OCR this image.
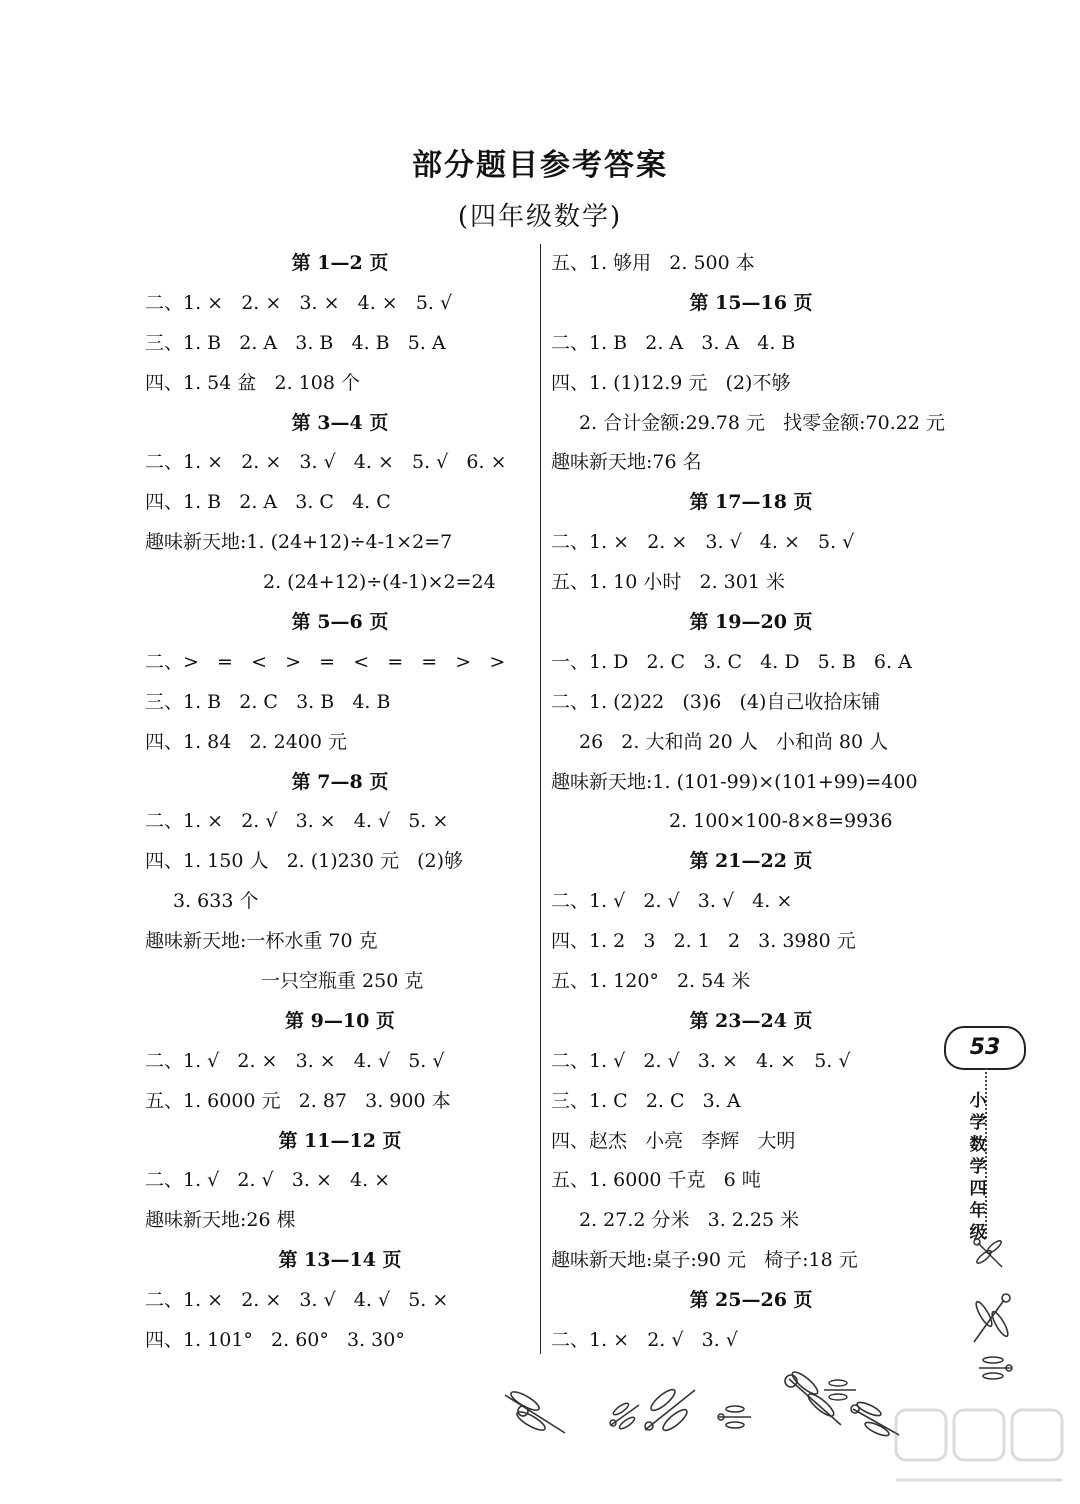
部分题目参考答案
(四年级数学)
第 1—2 页
二、1. ×   2. ×   3. ×   4. ×   5. √
三、1. B   2. A   3. B   4. B   5. A
四、1. 54 盆   2. 108 个
第 3—4 页
二、1. ×   2. ×   3. √   4. ×   5. √   6. ×
四、1. B   2. A   3. C   4. C
趣味新天地:1. (24+12)÷4-1×2=7
2. (24+12)÷(4-1)×2=24
第 5—6 页
二、>   =   <   >   =   <   =   =   >   >
三、1. B   2. C   3. B   4. B
四、1. 84   2. 2400 元
第 7—8 页
二、1. ×   2. √   3. ×   4. √   5. ×
四、1. 150 人   2. (1)230 元   (2)够
3. 633 个
趣味新天地:一杯水重 70 克
一只空瓶重 250 克
第 9—10 页
二、1. √   2. ×   3. ×   4. √   5. √
五、1. 6000 元   2. 87   3. 900 本
第 11—12 页
二、1. √   2. √   3. ×   4. ×
趣味新天地:26 棵
第 13—14 页
二、1. ×   2. ×   3. √   4. √   5. ×
四、1. 101°   2. 60°   3. 30°
五、1. 够用   2. 500 本
第 15—16 页
二、1. B   2. A   3. A   4. B
四、1. (1)12.9 元   (2)不够
2. 合计金额:29.78 元   找零金额:70.22 元
趣味新天地:76 名
第 17—18 页
二、1. ×   2. ×   3. √   4. ×   5. √
五、1. 10 小时   2. 301 米
第 19—20 页
一、1. D   2. C   3. C   4. D   5. B   6. A
二、1. (2)22   (3)6   (4)自己收拾床铺
26   2. 大和尚 20 人   小和尚 80 人
趣味新天地:1. (101-99)×(101+99)=400
2. 100×100-8×8=9936
第 21—22 页
二、1. √   2. √   3. √   4. ×
四、1. 2   3   2. 1   2   3. 3980 元
五、1. 120°   2. 54 米
第 23—24 页
二、1. √   2. √   3. ×   4. ×   5. √
三、1. C   2. C   3. A
四、赵杰   小亮   李辉   大明
五、1. 6000 千克   6 吨
2. 27.2 分米   3. 2.25 米
趣味新天地:桌子:90 元   椅子:18 元
第 25—26 页
二、1. ×   2. √   3. √
53
小学数学四年级
